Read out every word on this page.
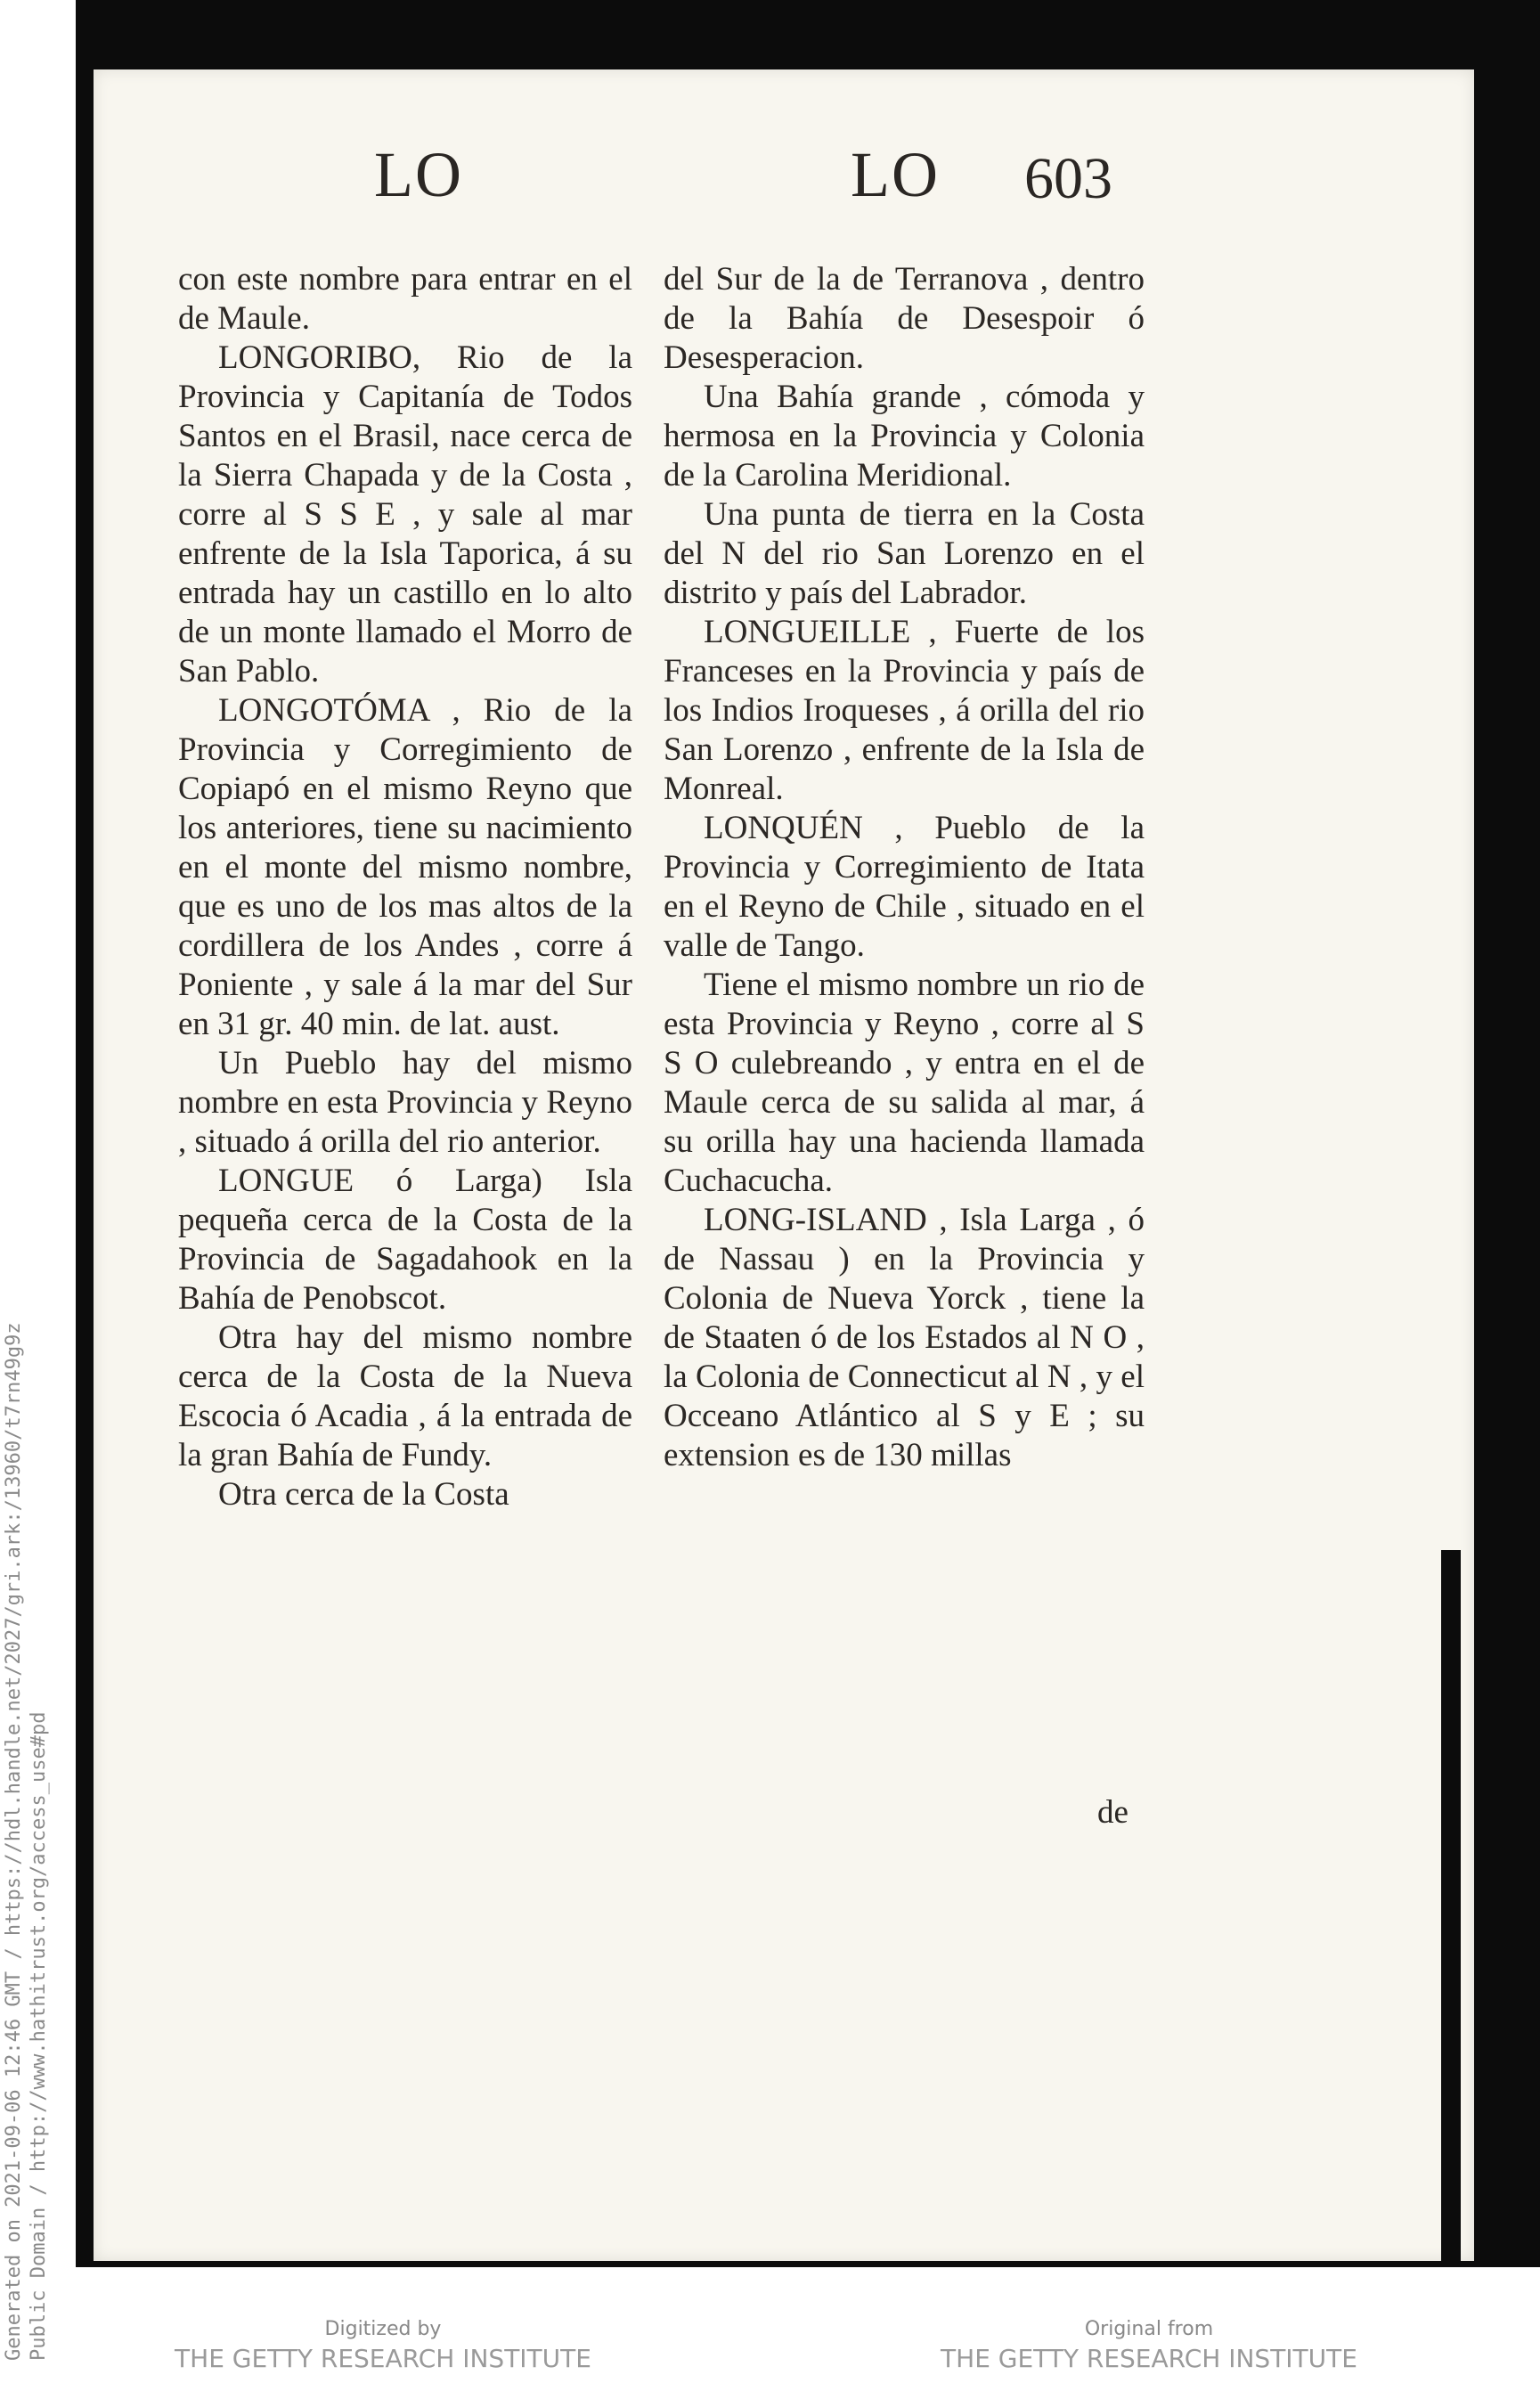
LO	LO 603

con este nombre para entrar en el de Maule.

LONGORIBO, Rio de la Provincia y Capitanía de Todos Santos en el Brasil, nace cerca de la Sierra Chapada y de la Costa , corre al S S E , y sale al mar enfrente de la Isla Taporica, á su entrada hay un castillo en lo alto de un monte llamado el Morro de San Pablo.

LONGOTÓMA , Rio de la Provincia y Corregimiento de Copiapó en el mismo Reyno que los anteriores, tiene su nacimiento en el monte del mismo nombre, que es uno de los mas altos de la cordillera de los Andes , corre á Poniente , y sale á la mar del Sur en 31 gr. 40 min. de lat. aust.

Un Pueblo hay del mismo nombre en esta Provincia y Reyno , situado á orilla del rio anterior.

LONGUE ó Larga) Isla pequeña cerca de la Costa de la Provincia de Sagadahook en la Bahía de Penobscot.

Otra hay del mismo nombre cerca de la Costa de la Nueva Escocia ó Acadia , á la entrada de la gran Bahía de Fundy.

Otra cerca de la Costa

del Sur de la de Terranova , dentro de la Bahía de Desespoir ó Desesperacion.

Una Bahía grande , cómoda y hermosa en la Provincia y Colonia de la Carolina Meridional.

Una punta de tierra en la Costa del N del rio San Lorenzo en el distrito y país del Labrador.

LONGUEILLE , Fuerte de los Franceses en la Provincia y país de los Indios Iroqueses , á orilla del rio San Lorenzo , enfrente de la Isla de Monreal.

LONQUÉN , Pueblo de la Provincia y Corregimiento de Itata en el Reyno de Chile , situado en el valle de Tango.

Tiene el mismo nombre un rio de esta Provincia y Reyno , corre al S S O culebreando , y entra en el de Maule cerca de su salida al mar, á su orilla hay una hacienda llamada Cuchacucha.

LONG-ISLAND , Isla Larga , ó de Nassau ) en la Provincia y Colonia de Nueva Yorck , tiene la de Staaten ó de los Estados al N O , la Colonia de Connecticut al N , y el Occeano Atlántico al S y E ; su extension es de 130 millas

de
Generated on 2021-09-06 12:46 GMT / https://hdl.handle.net/2027/gri.ark:/13960/t7rn49g9z Public Domain / http://www.hathitrust.org/access_use#pd	Digitized by
THE GETTY RESEARCH INSTITUTE
Original from
THE GETTY RESEARCH INSTITUTE
